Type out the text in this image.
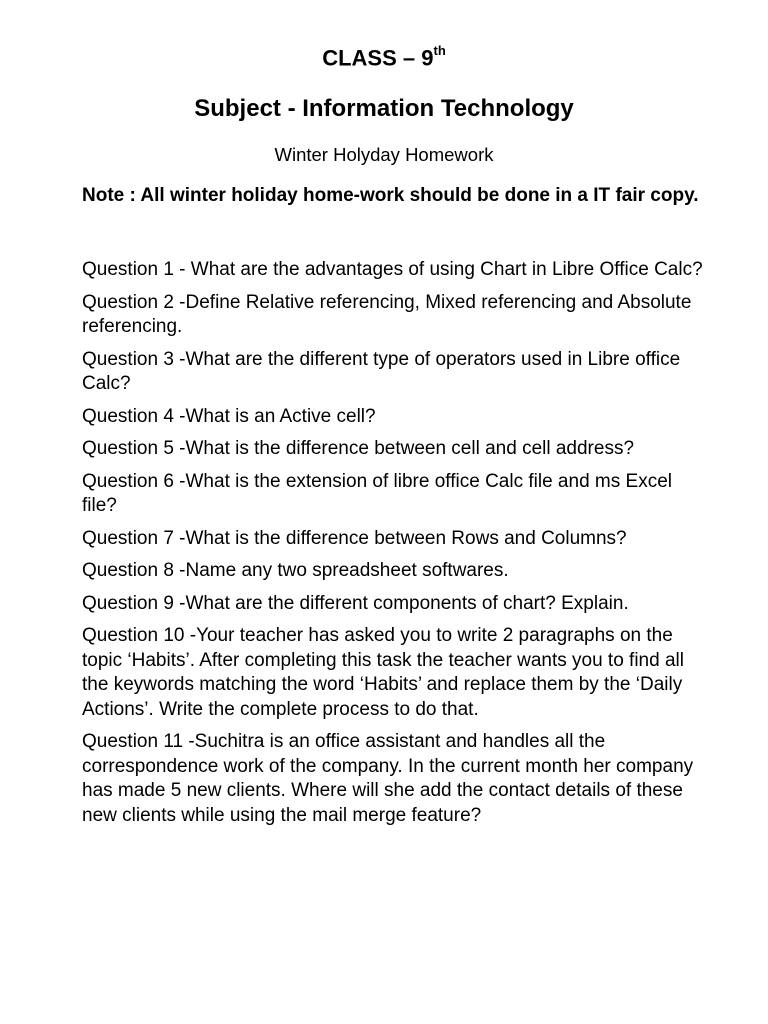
CLASS – 9th
Subject - Information Technology
Winter Holyday Homework
Note : All winter holiday home-work should be done in a IT fair copy.

Question 1 - What are the advantages of using Chart in Libre Office Calc?

Question 2 -Define Relative referencing, Mixed referencing and Absolute referencing.

Question 3 -What are the different type of operators used in Libre office Calc?

Question 4 -What is an Active cell?

Question 5 -What is the difference between cell and cell address?

Question 6 -What is the extension of libre office Calc file and ms Excel file?

Question 7 -What is the difference between Rows and Columns?

Question 8 -Name any two spreadsheet softwares.

Question 9 -What are the different components of chart? Explain.

Question 10 -Your teacher has asked you to write 2 paragraphs on the topic ‘Habits’. After completing this task the teacher wants you to find all the keywords matching the word ‘Habits’ and replace them by the ‘Daily Actions’. Write the complete process to do that.

Question 11 -Suchitra is an office assistant and handles all the correspondence work of the company. In the current month her company has made 5 new clients. Where will she add the contact details of these new clients while using the mail merge feature?
